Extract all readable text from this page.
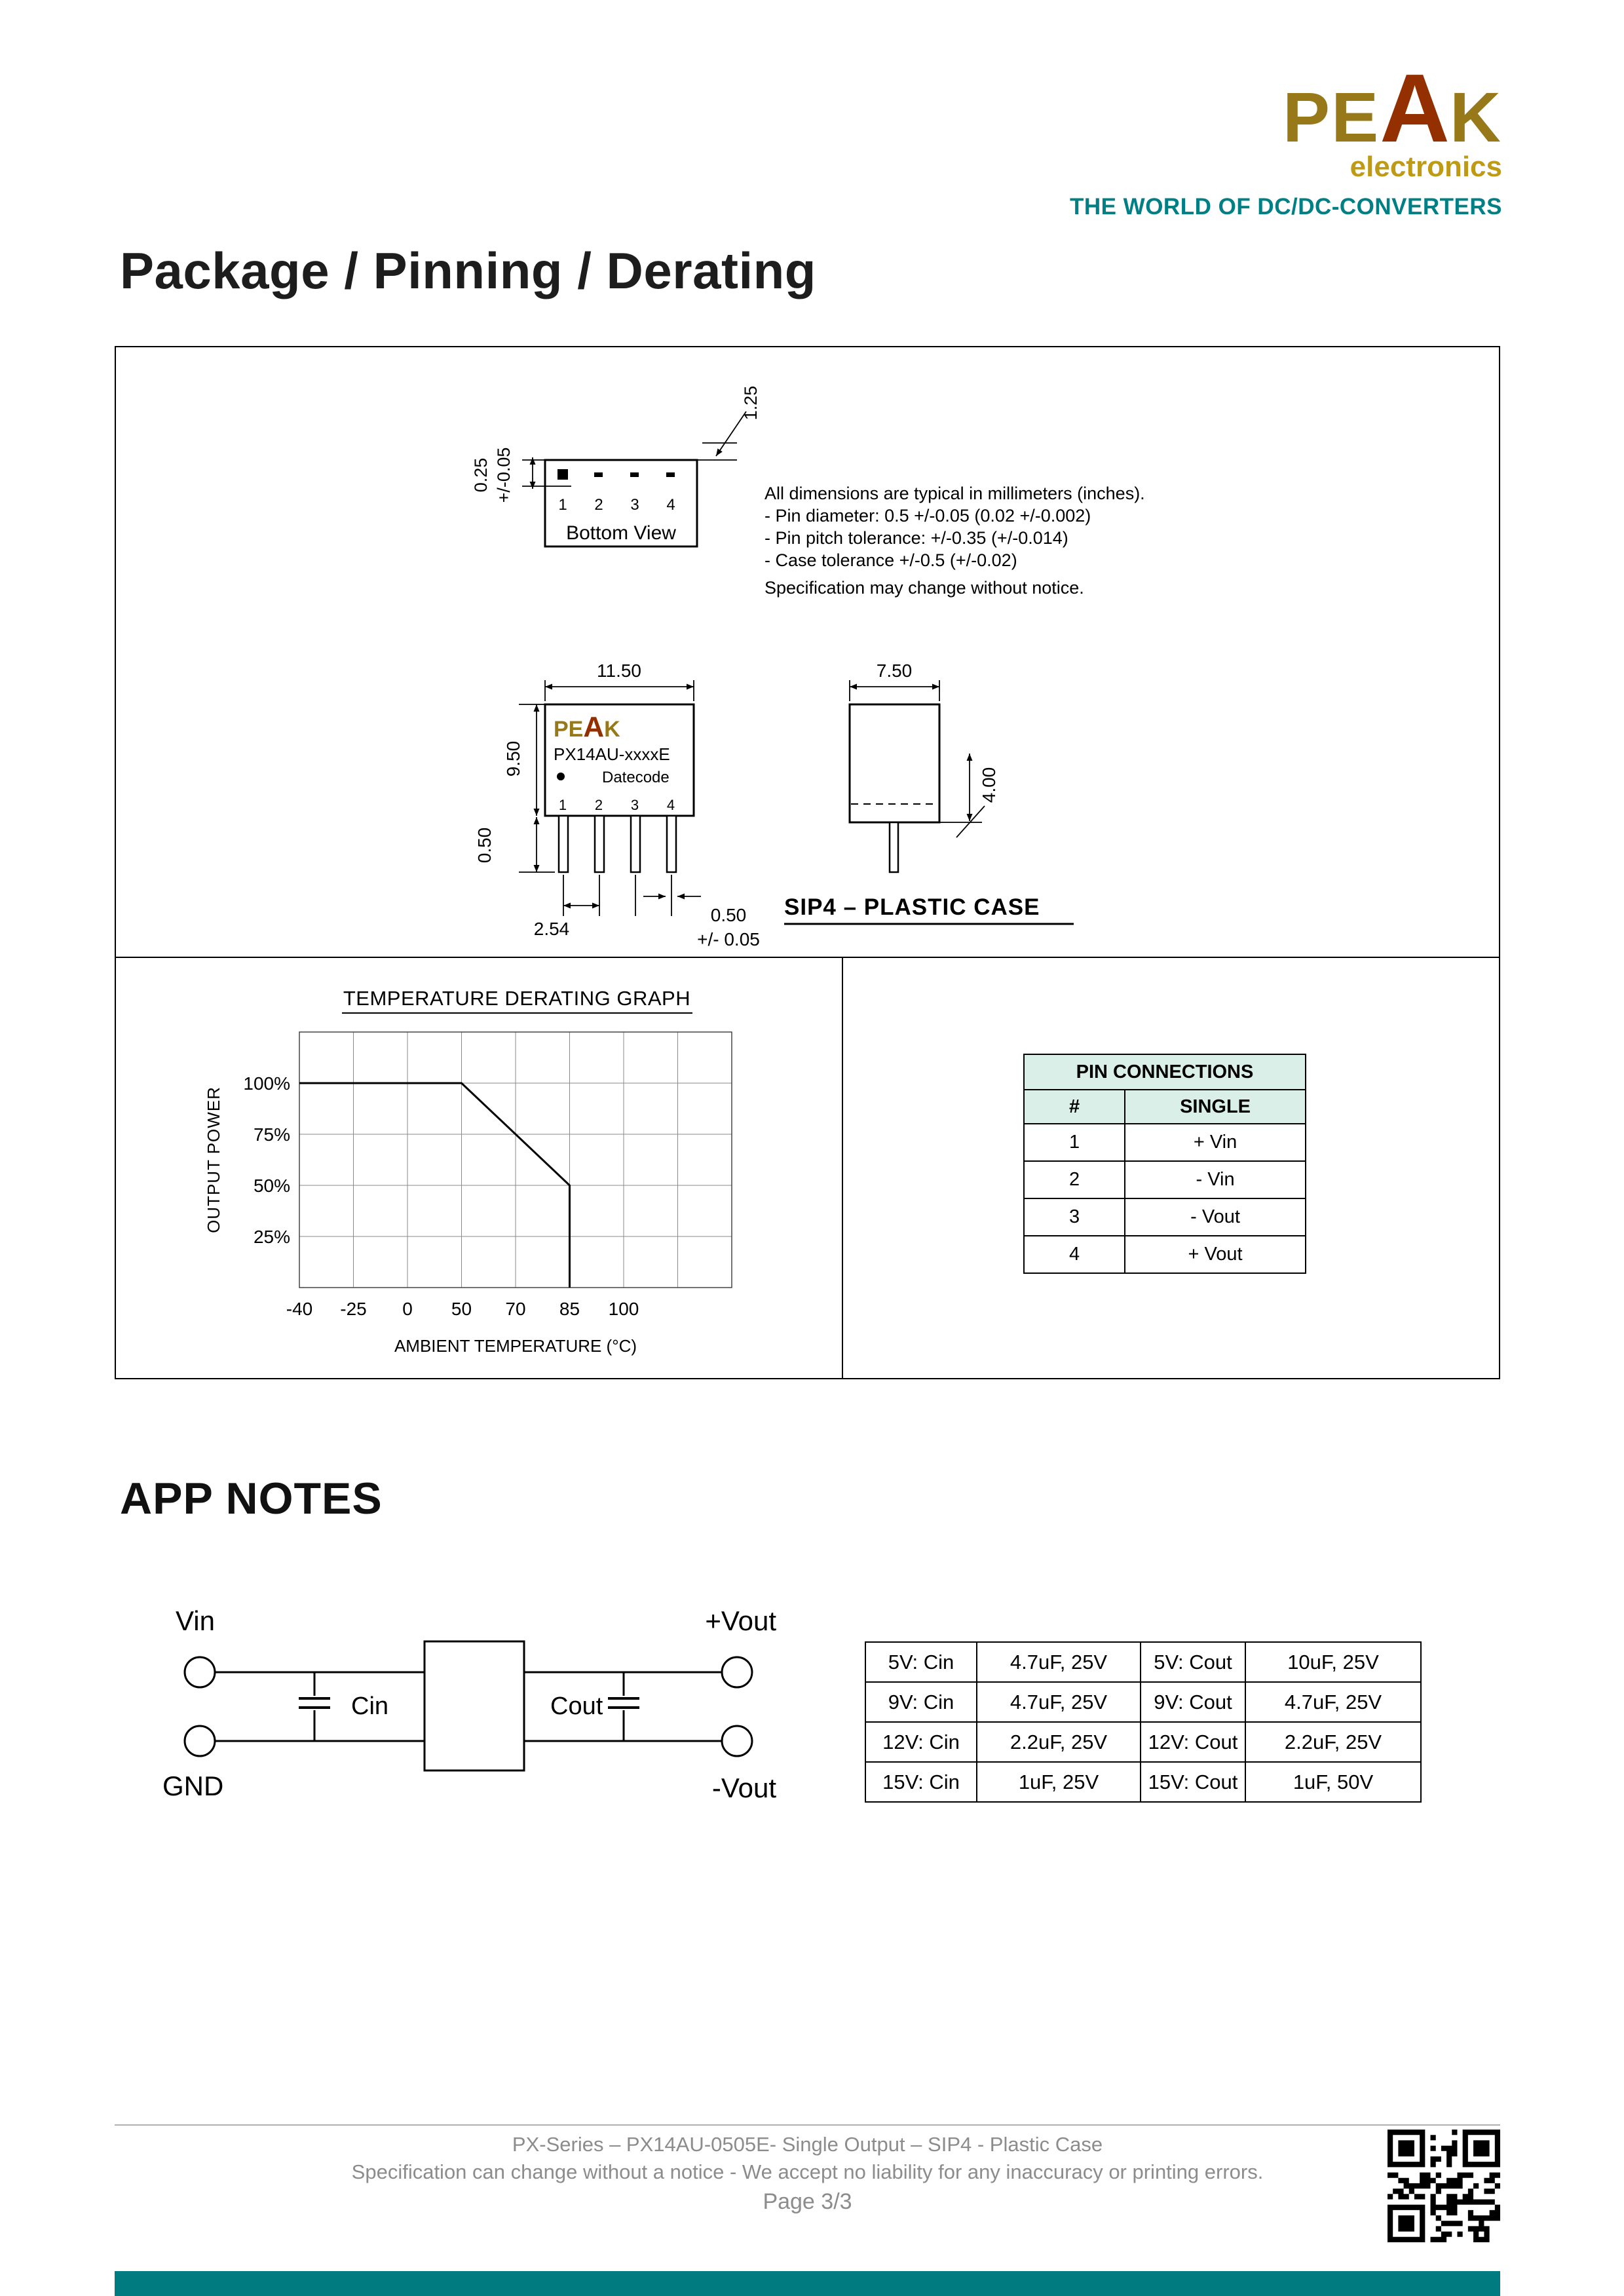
PEAK
electronics
THE WORLD OF DC/DC-CONVERTERS
Package / Pinning / Derating
1 2 3 4
Bottom View
0.25 +/-0.05
1.25
All dimensions are typical in millimeters (inches).
- Pin diameter: 0.5 +/-0.05 (0.02 +/-0.002)
- Pin pitch tolerance: +/-0.35 (+/-0.014)
- Case tolerance +/-0.5 (+/-0.02)
Specification may change without notice.
PEAK
PX14AU-xxxxE
Datecode
1 2 3 4
11.50
9.50
0.50
2.54
0.50
+/- 0.05
7.50
4.00
SIP4 – PLASTIC CASE
TEMPERATURE DERATING GRAPH
100%
75%
50%
25%
-40 -25 0 50 70 85 100
OUTPUT POWER
AMBIENT TEMPERATURE (°C)
PIN CONNECTIONS	
#	SINGLE
1	+ Vin
2	- Vin
3	- Vout
4	+ Vout
APP NOTES
Vin
GND
+Vout
-Vout
Cin	Cout
5V: Cin	4.7uF, 25V	5V: Cout	10uF, 25V
9V: Cin	4.7uF, 25V	9V: Cout	4.7uF, 25V
12V: Cin	2.2uF, 25V	12V: Cout	2.2uF, 25V
15V: Cin	1uF, 25V	15V: Cout	1uF, 50V
PX-Series – PX14AU-0505E- Single Output – SIP4 - Plastic Case
Specification can change without a notice - We accept no liability for any inaccuracy or printing errors.
Page 3/3
